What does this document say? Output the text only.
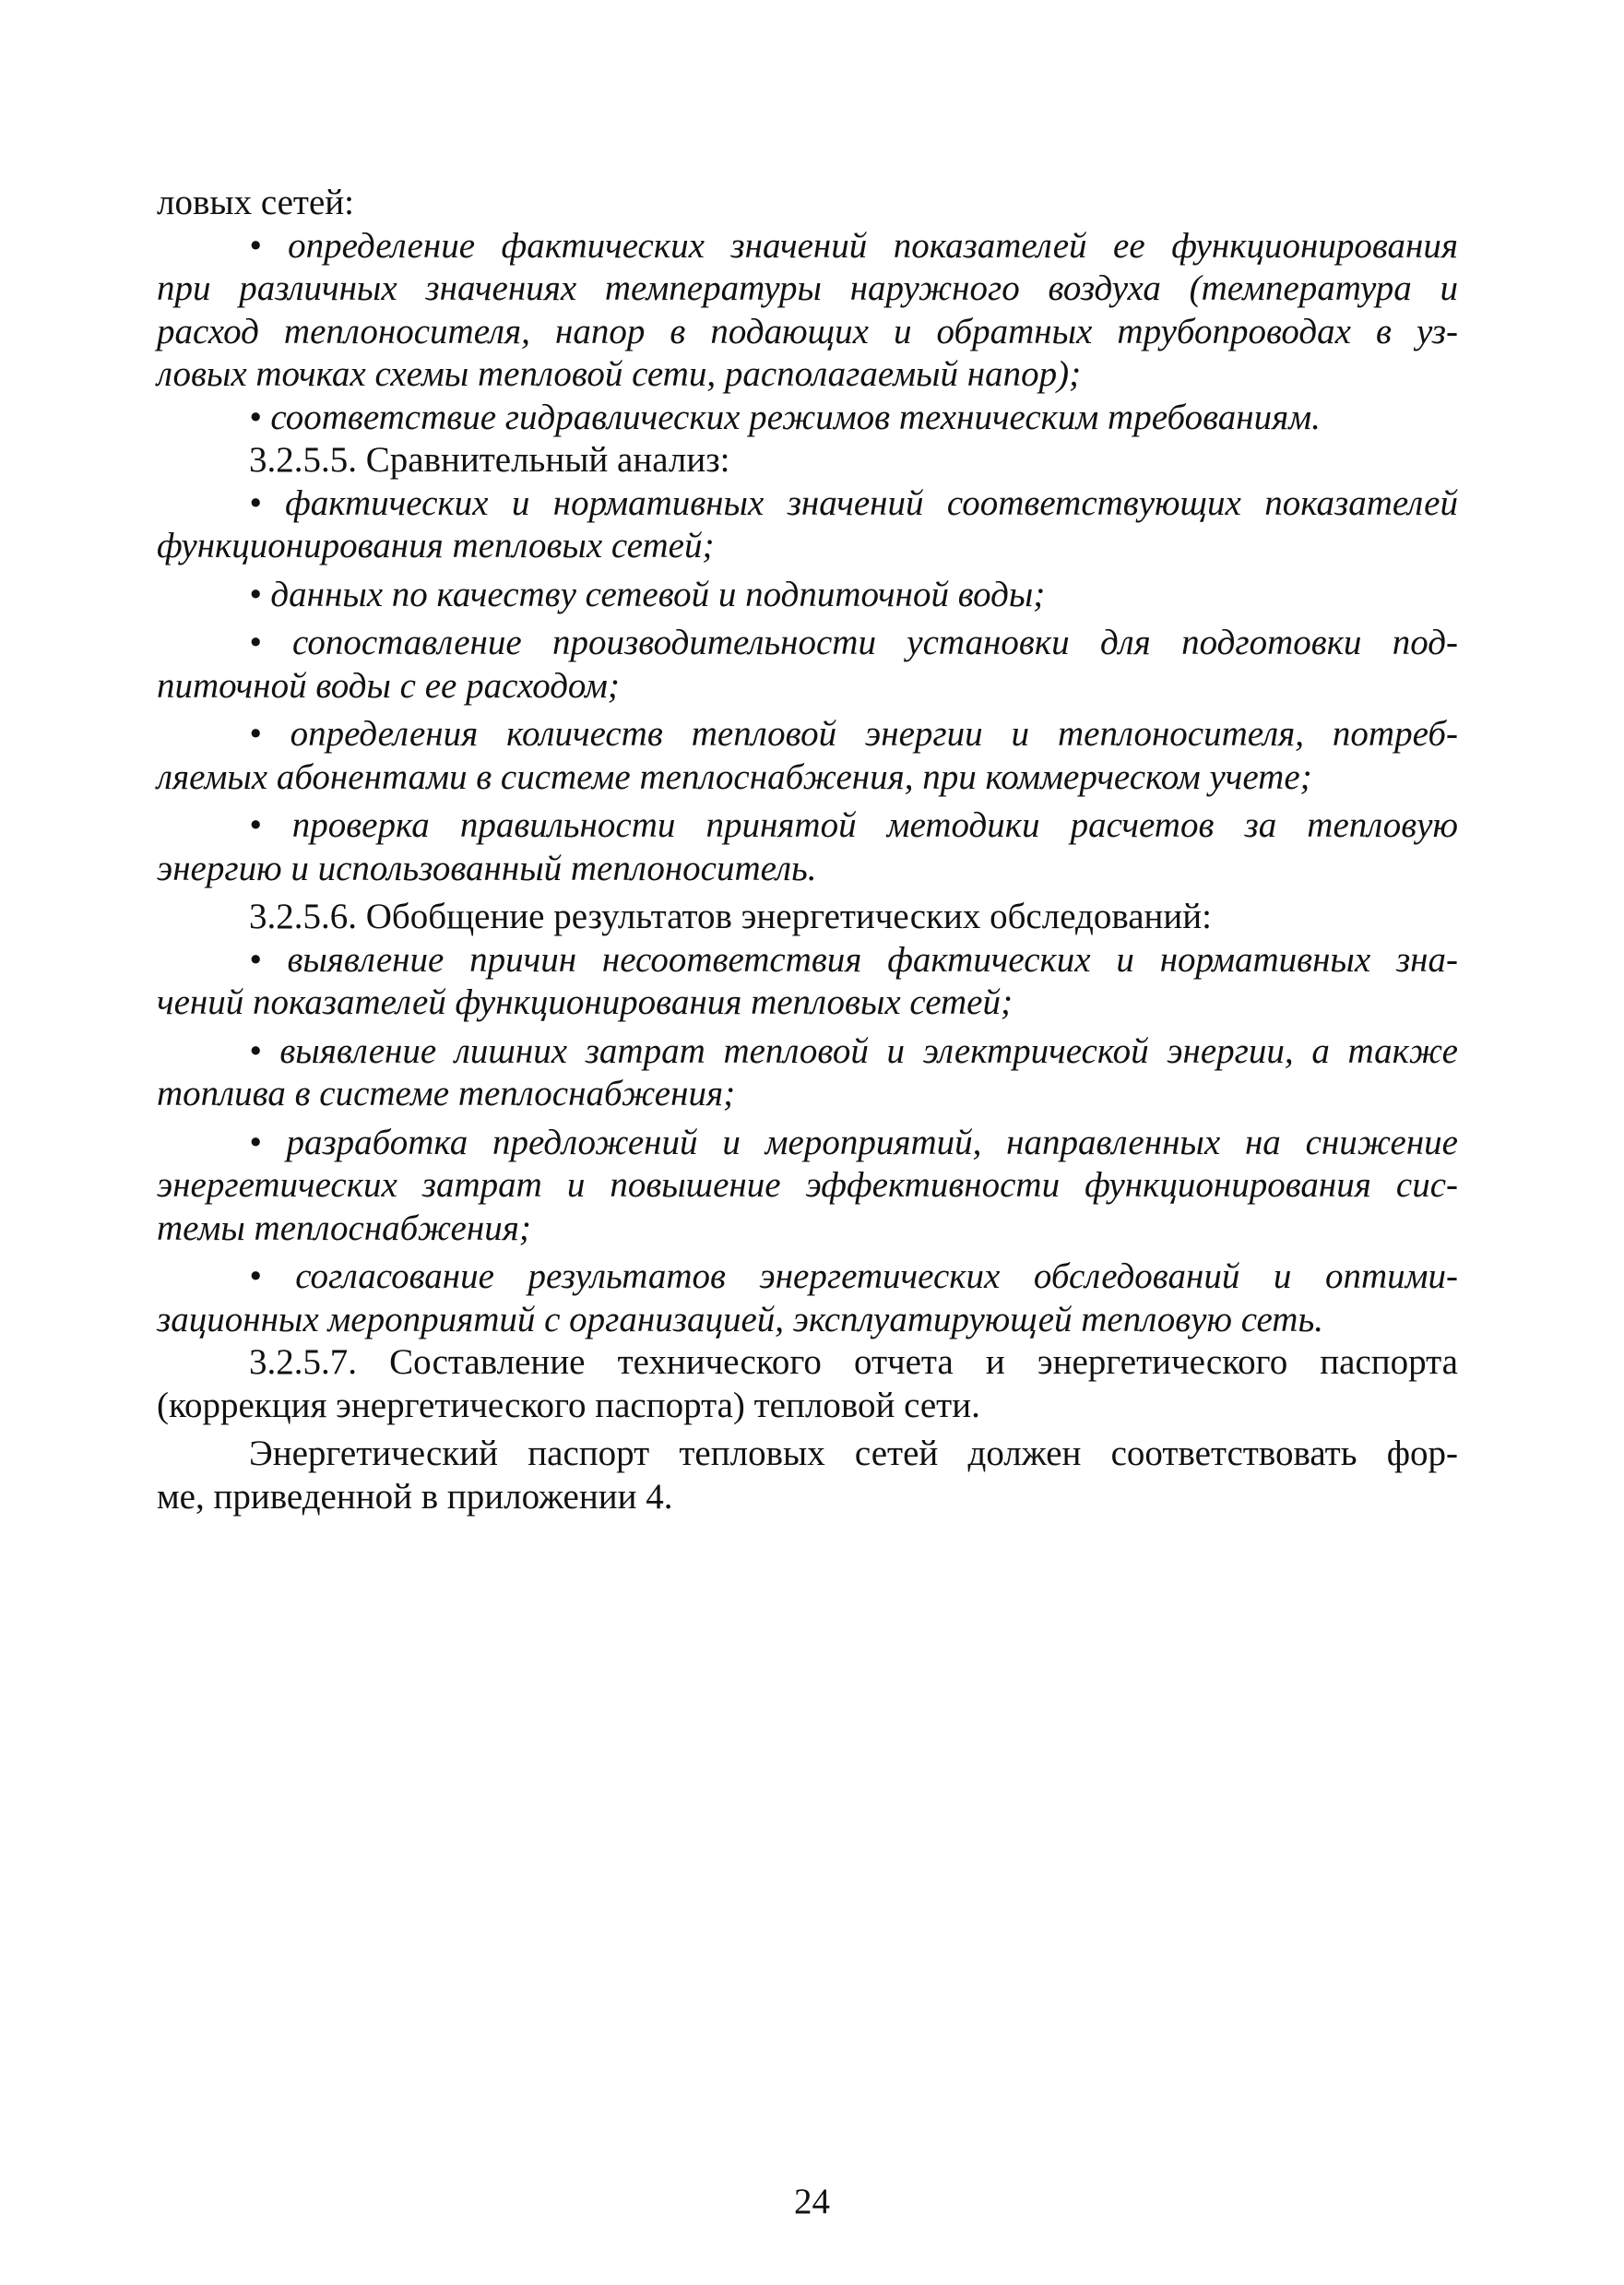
ловых сетей:
• определение фактических значений показателей ее функционирования
при различных значениях температуры наружного воздуха (температура и
расход теплоносителя, напор в подающих и обратных трубопроводах в уз-
ловых точках схемы тепловой сети, располагаемый напор);
• соответствие гидравлических режимов техническим требованиям.
3.2.5.5. Сравнительный анализ:
• фактических и нормативных значений соответствующих показателей
функционирования тепловых сетей;
• данных по качеству сетевой и подпиточной воды;
• сопоставление производительности установки для подготовки под-
питочной воды с ее расходом;
• определения количеств тепловой энергии и теплоносителя, потреб-
ляемых абонентами в системе теплоснабжения, при коммерческом учете;
• проверка правильности принятой методики расчетов за тепловую
энергию и использованный теплоноситель.
3.2.5.6. Обобщение результатов энергетических обследований:
• выявление причин несоответствия фактических и нормативных зна-
чений показателей функционирования тепловых сетей;
• выявление лишних затрат тепловой и электрической энергии, а также
топлива в системе теплоснабжения;
• разработка предложений и мероприятий, направленных на снижение
энергетических затрат и повышение эффективности функционирования сис-
темы теплоснабжения;
• согласование результатов энергетических обследований и оптими-
зационных мероприятий с организацией, эксплуатирующей тепловую сеть.
3.2.5.7. Составление технического отчета и энергетического паспорта
(коррекция энергетического паспорта) тепловой сети.
Энергетический паспорт тепловых сетей должен соответствовать фор-
ме, приведенной в приложении 4.
24
